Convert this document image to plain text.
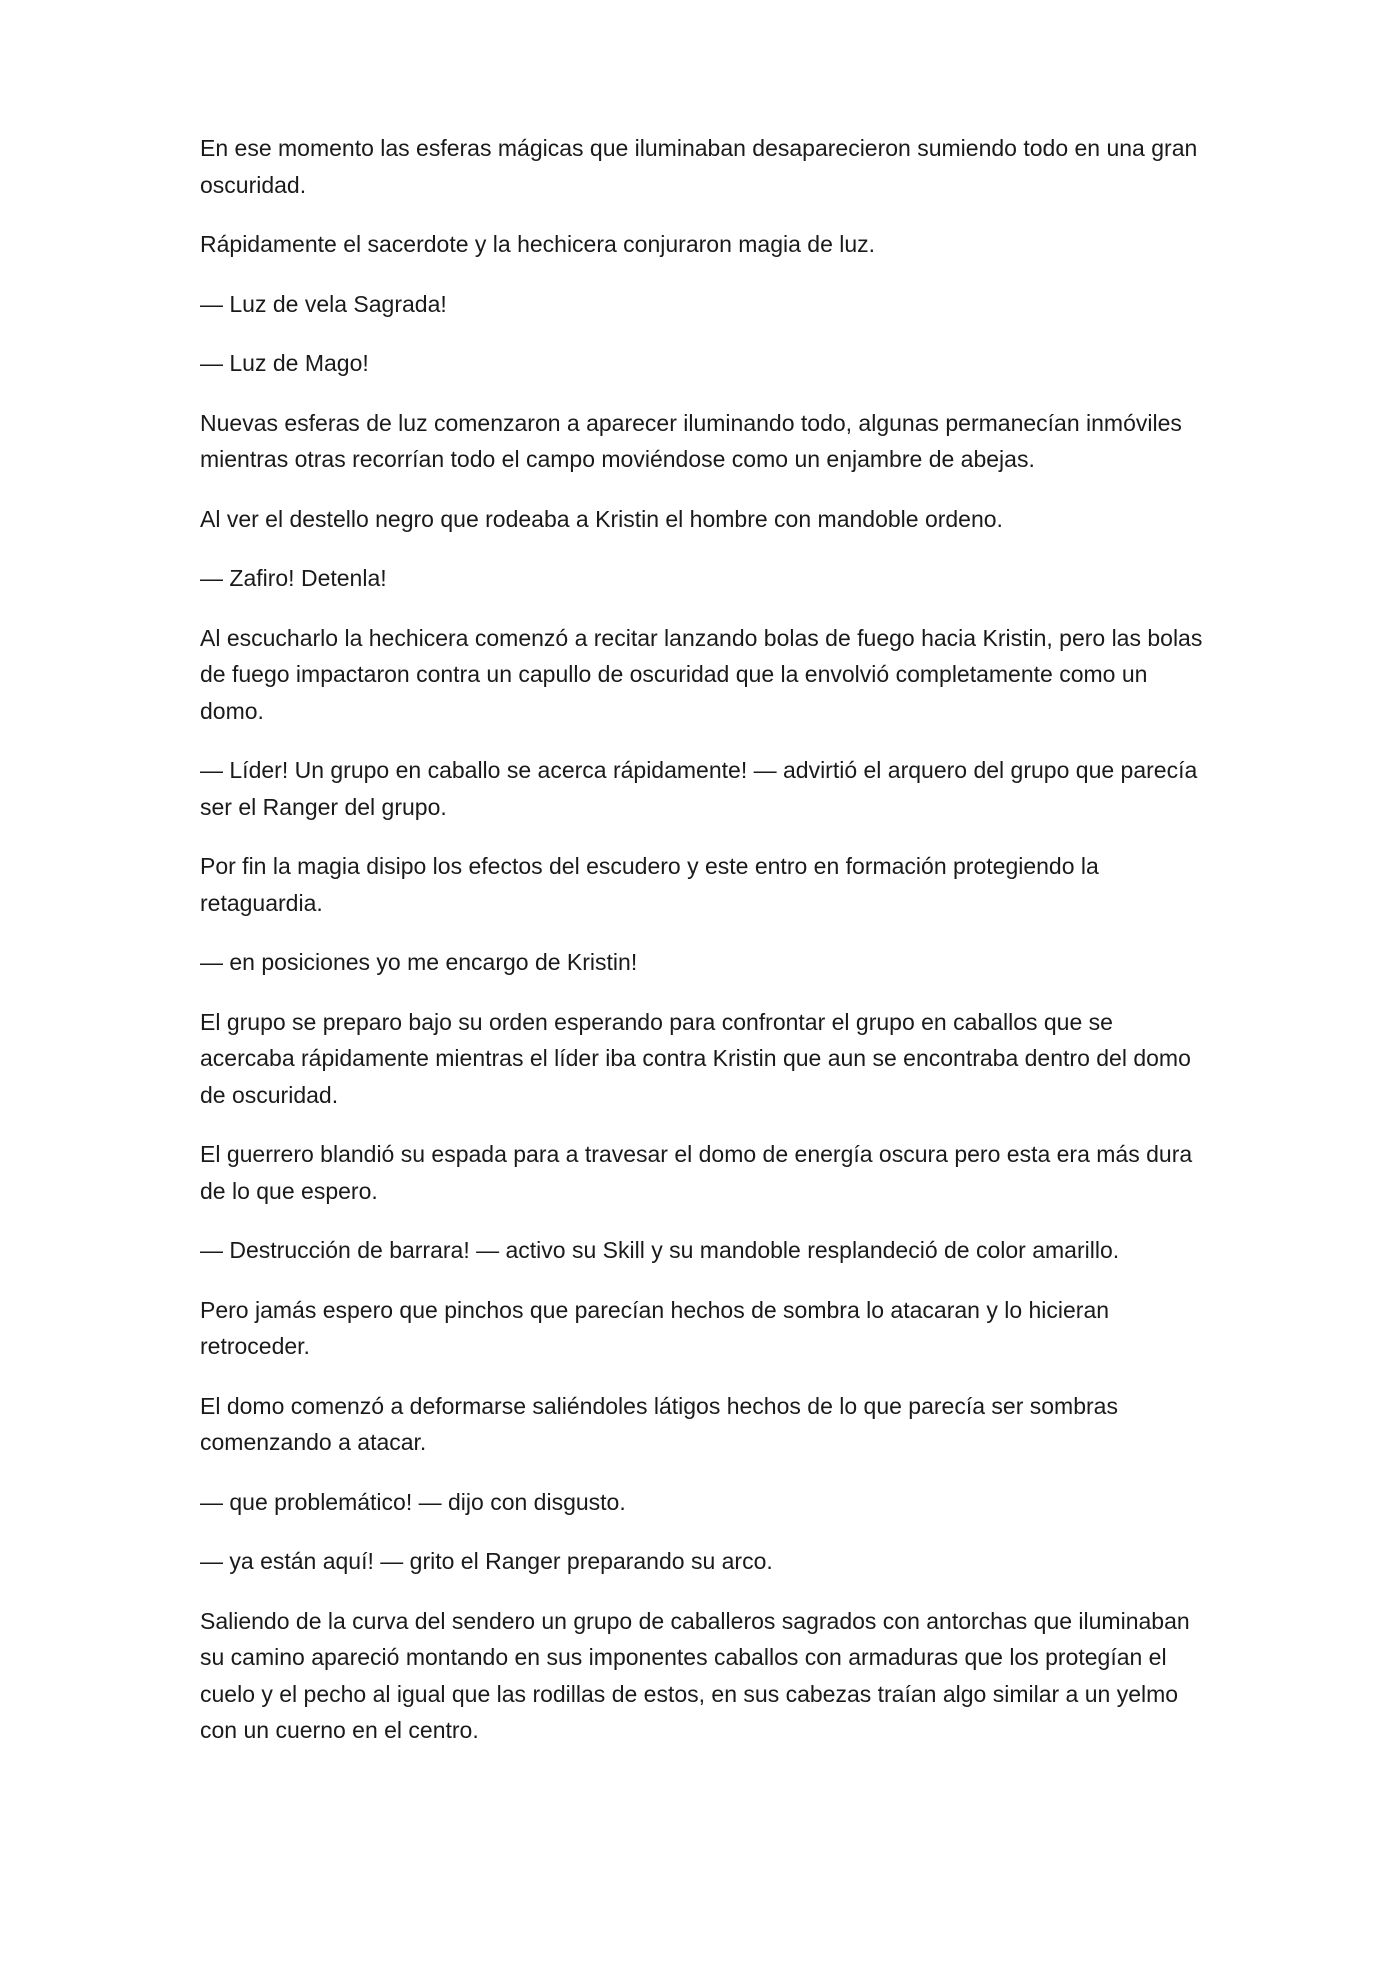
En ese momento las esferas mágicas que iluminaban desaparecieron sumiendo todo en una gran oscuridad.

Rápidamente el sacerdote y la hechicera conjuraron magia de luz.

— Luz de vela Sagrada!

— Luz de Mago!

Nuevas esferas de luz comenzaron a aparecer iluminando todo, algunas permanecían inmóviles mientras otras recorrían todo el campo moviéndose como un enjambre de abejas.

Al ver el destello negro que rodeaba a Kristin el hombre con mandoble ordeno.

— Zafiro! Detenla!

Al escucharlo la hechicera comenzó a recitar lanzando bolas de fuego hacia Kristin, pero las bolas de fuego impactaron contra un capullo de oscuridad que la envolvió completamente como un domo.

— Líder! Un grupo en caballo se acerca rápidamente! — advirtió el arquero del grupo que parecía ser el Ranger del grupo.

Por fin la magia disipo los efectos del escudero y este entro en formación protegiendo la retaguardia.

— en posiciones yo me encargo de Kristin!

El grupo se preparo bajo su orden esperando para confrontar el grupo en caballos que se acercaba rápidamente mientras el líder iba contra Kristin que aun se encontraba dentro del domo de oscuridad.

El guerrero blandió su espada para a travesar el domo de energía oscura pero esta era más dura de lo que espero.

— Destrucción de barrara! — activo su Skill y su mandoble resplandeció de color amarillo.

Pero jamás espero que pinchos que parecían hechos de sombra lo atacaran y lo hicieran retroceder.

El domo comenzó a deformarse saliéndoles látigos hechos de lo que parecía ser sombras comenzando a atacar.

— que problemático! — dijo con disgusto.

— ya están aquí! — grito el Ranger preparando su arco.

Saliendo de la curva del sendero un grupo de caballeros sagrados con antorchas que iluminaban su camino apareció montando en sus imponentes caballos con armaduras que los protegían el cuelo y el pecho al igual que las rodillas de estos, en sus cabezas traían algo similar a un yelmo con un cuerno en el centro.
